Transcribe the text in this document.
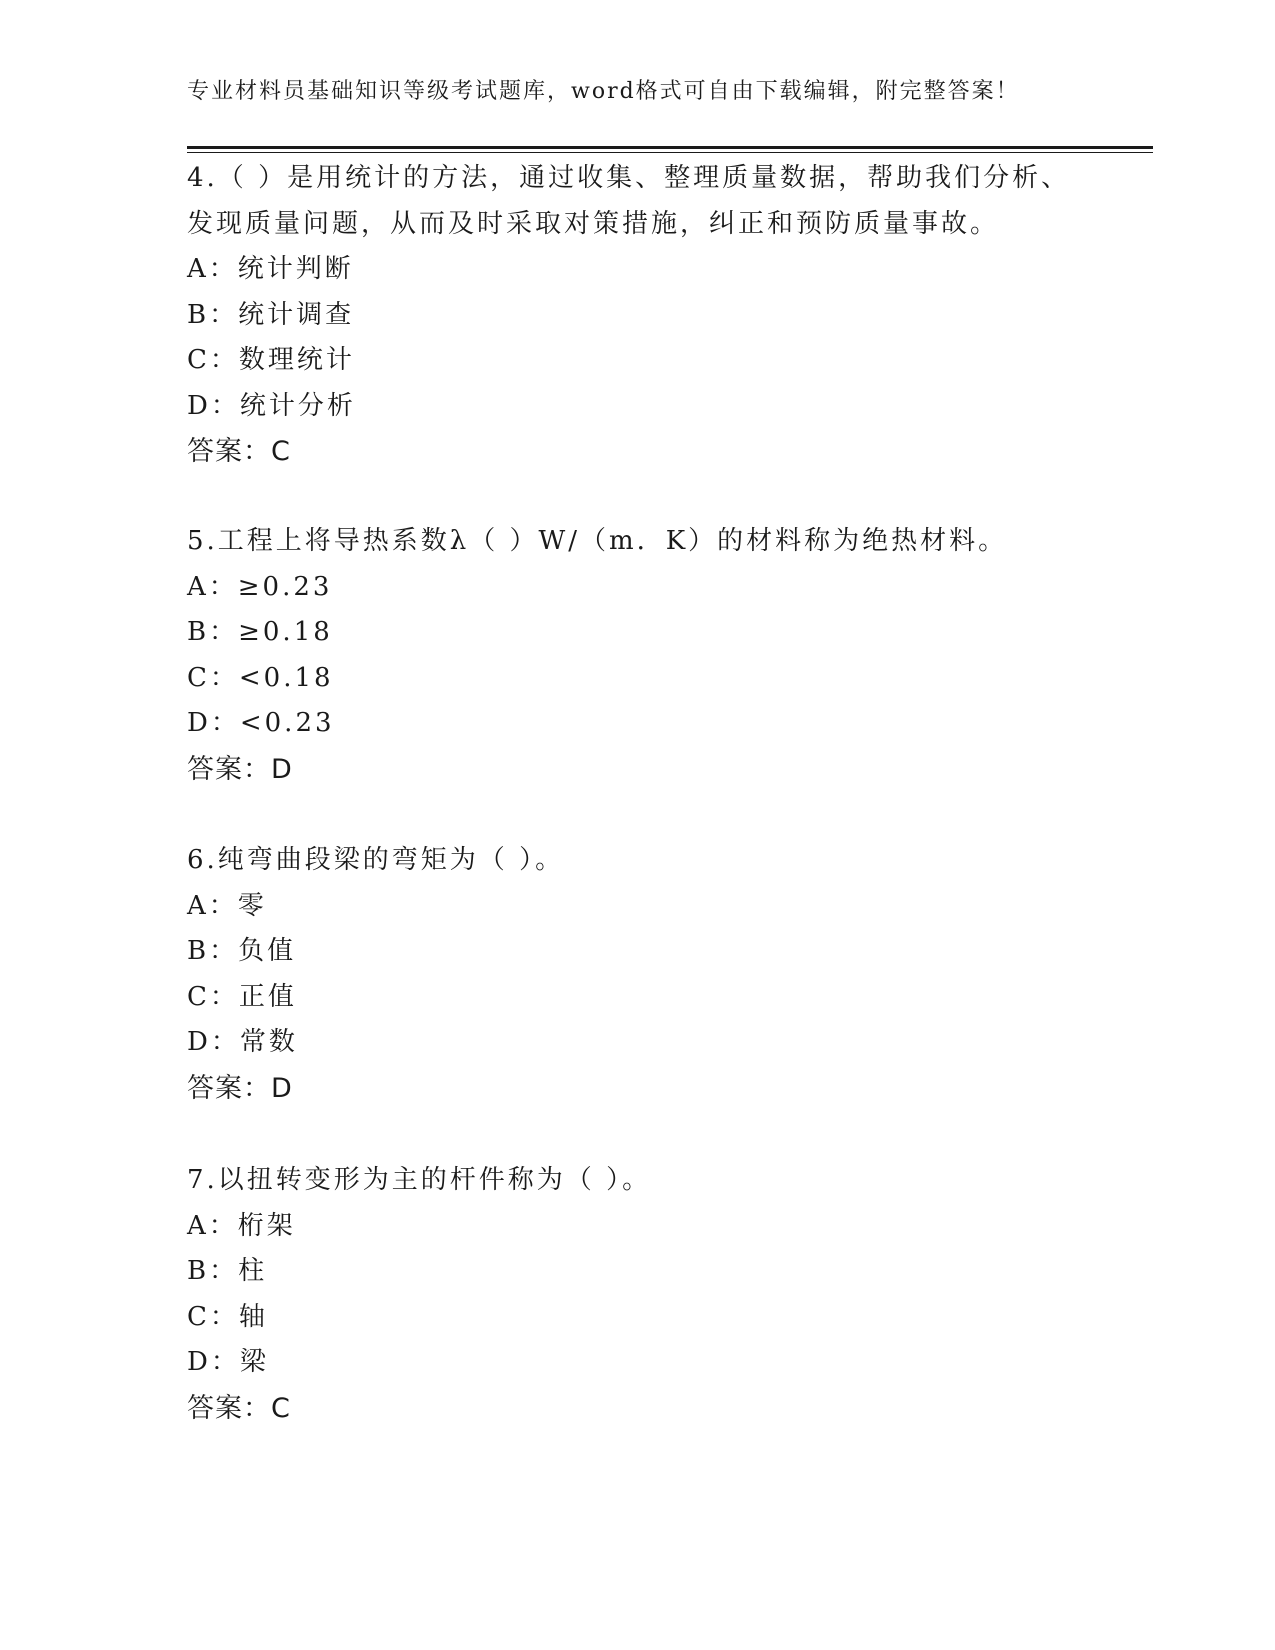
专业材料员基础知识等级考试题库，word格式可自由下载编辑，附完整答案！
4.（ ）是用统计的方法，通过收集、整理质量数据，帮助我们分析、
发现质量问题，从而及时采取对策措施，纠正和预防质量事故。
A：统计判断
B：统计调查
C：数理统计
D：统计分析
答案：C
5.工程上将导热系数λ（ ）W/（m．K）的材料称为绝热材料。
A：≥0.23
B：≥0.18
C：<0.18
D：<0.23
答案：D
6.纯弯曲段梁的弯矩为（ ）。
A：零
B：负值
C：正值
D：常数
答案：D
7.以扭转变形为主的杆件称为（ ）。
A：桁架
B：柱
C：轴
D：梁
答案：C
